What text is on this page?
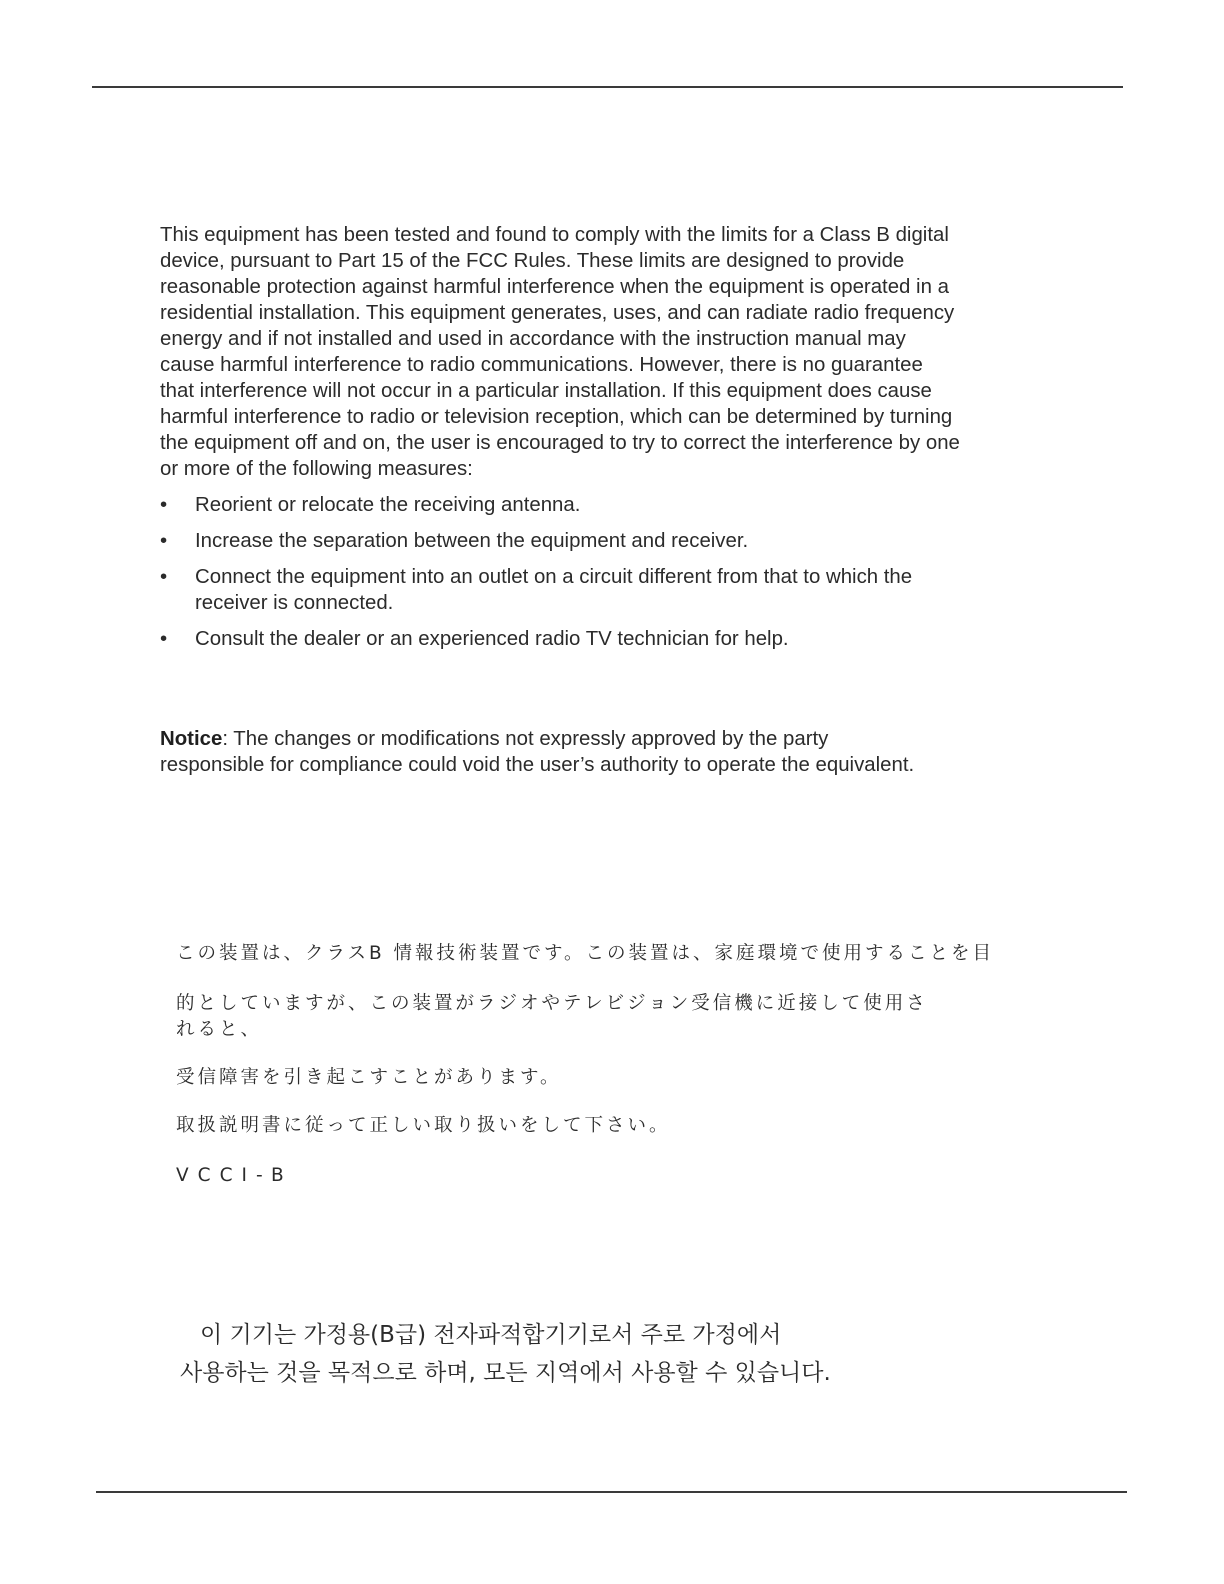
This equipment has been tested and found to comply with the limits for a Class B digital device, pursuant to Part 15 of the FCC Rules. These limits are designed to provide reasonable protection against harmful interference when the equipment is operated in a residential installation. This equipment generates, uses, and can radiate radio frequency energy and if not installed and used in accordance with the instruction manual may cause harmful interference to radio communications. However, there is no guarantee that interference will not occur in a particular installation. If this equipment does cause harmful interference to radio or television reception, which can be determined by turning the equipment off and on, the user is encouraged to try to correct the interference by one or more of the following measures:

• Reorient or relocate the receiving antenna.
• Increase the separation between the equipment and receiver.
• Connect the equipment into an outlet on a circuit different from that to which the receiver is connected.
• Consult the dealer or an experienced radio TV technician for help.

Notice: The changes or modifications not expressly approved by the party responsible for compliance could void the user’s authority to operate the equivalent.

この装置は、クラスB 情報技術装置です。この装置は、家庭環境で使用することを目

的としていますが、この装置がラジオやテレビジョン受信機に近接して使用されると、

受信障害を引き起こすことがあります。

取扱説明書に従って正しい取り扱いをして下さい。

VCCI-B

이 기기는 가정용(B급) 전자파적합기기로서 주로 가정에서

사용하는 것을 목적으로 하며, 모든 지역에서 사용할 수 있습니다.
